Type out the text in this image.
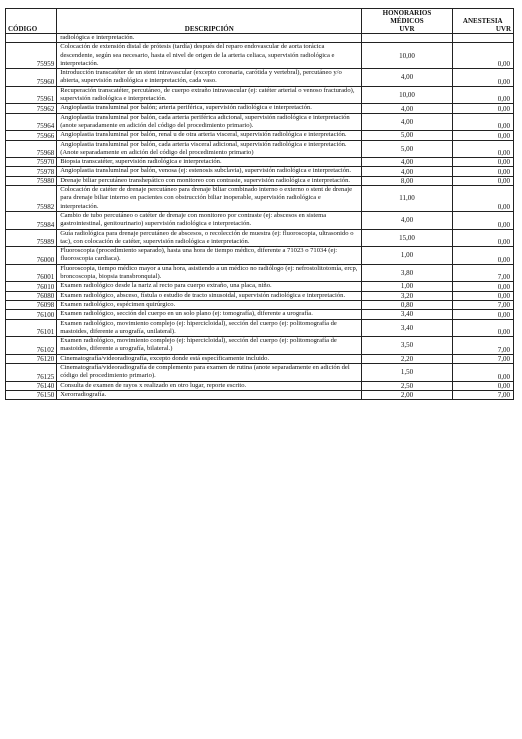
		HONORARIOS
MÉDICOS	ANESTESIA
CÓDIGO	DESCRIPCIÓN	UVR	UVR
	radiológica e interpretación.		
75959	Colocación de extensión distal de prótesis (tardía) después del reparo endovascular de aorta torácica descendente, según sea necesario, hasta el nivel de origen de la arteria celiaca, supervisión radiológica e interpretación.	10,00	0,00
75960	Introducción transcatéter de un stent intravascular (excepto coronaria, carótida y vertebral), percutáneo y/o abierta, supervisión radiológica e interpretación, cada vaso.	4,00	0,00
75961	Recuperación transcatéter, percutáneo, de cuerpo extraño intravascular (ej: catéter arterial o venoso fracturado), supervisión radiológica e interpretación.	10,00	0,00
75962	Angioplastia transluminal por balón; arteria periférica, supervisión radiológica e interpretación.	4,00	0,00
75964	Angioplastia transluminal por balón, cada arteria periférica adicional, supervisión radiológica e interpretación (anote separadamente en adición del código del procedimiento primario).	4,00	0,00
75966	Angioplastia transluminal por balón, renal u de otra arteria visceral, supervisión radiológica e interpretación.	5,00	0,00
75968	Angioplastia transluminal por balón, cada arteria visceral adicional, supervisión radiológica e interpretación. (Anote separadamente en adición del código del procedimiento primario)	5,00	0,00
75970	Biopsia transcatéter, supervisión radiológica e interpretación.	4,00	0,00
75978	Angioplastia transluminal por balón, venosa (ej: estenosis subclavia), supervisión radiológica e interpretación.	4,00	0,00
75980	Drenaje biliar percutáneo transhepático con monitoreo con contraste, supervisión radiológica e interpretación.	8,00	0,00
75982	Colocación de catéter de drenaje percutáneo para drenaje biliar combinado interno o externo o stent de drenaje para drenaje biliar interno en pacientes con obstrucción biliar inoperable, supervisión radiológica e interpretación.	11,00	0,00
75984	Cambio de tubo percutáneo o catéter de drenaje con monitoreo por contraste (ej: abscesos en sistema gastrointestinal, genitourinario) supervisión radiológica e interpretación.	4,00	0,00
75989	Guía radiológica para drenaje percutáneo de abscesos, o recolección de muestra (ej: fluoroscopia, ultrasonido o tac), con colocación de catéter, supervisión radiológica e interpretación.	15,00	0,00
76000	Fluoroscopia (procedimiento separado), hasta una hora de tiempo médico, diferente a 71023 o 71034 (ej: fluoroscopia cardiaca).	1,00	0,00
76001	Fluoroscopia, tiempo médico mayor a una hora, asistiendo a un médico no radiólogo (ej: nefrostolitotomía, ercp, broncoscopia, biopsia transbronquial).	3,80	7,00
76010	Examen radiológico desde la nariz al recto para cuerpo extraño, una placa, niño.	1,00	0,00
76080	Examen radiológico, absceso, fístula o estudio de tracto sinusoidal, supervisión radiológica e interpretación.	3,20	0,00
76098	Examen radiológico, espécimen quirúrgico.	0,80	7,00
76100	Examen radiológico, sección del cuerpo en un solo plano (ej: tomografía), diferente a urografía.	3,40	0,00
76101	Examen radiológico, movimiento complejo (ej: hipercicloidal), sección del cuerpo (ej: politomografía de mastoides, diferente a urografía, unilateral).	3,40	0,00
76102	Examen radiológico, movimiento complejo (ej: hipercicloidal), sección del cuerpo (ej: politomografía de mastoides, diferente a urografía, bilateral.)	3,50	7,00
76120	Cinematografía/videoradiografía, excepto donde está específicamente incluido.	2,20	7,00
76125	Cinematografía/videoradiografía de complemento para examen de rutina (anote separadamente en adición del código del procedimiento primario).	1,50	0,00
76140	Consulta de examen de rayos x realizado en otro lugar, reporte escrito.	2,50	0,00
76150	Xerorradiografía.	2,00	7,00
